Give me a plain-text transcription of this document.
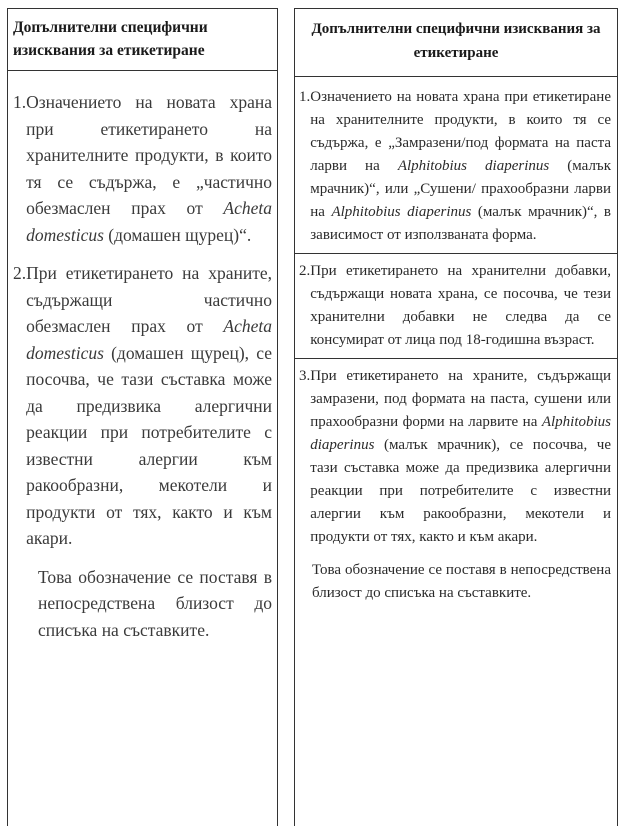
Допълнителни специфични изисквания за етикетиране
1. Означението на новата храна при етикетирането на хранителните продукти, в които тя се съдържа, е „частично обезмаслен прах от Acheta domesticus (домашен щурец)“.
2. При етикетирането на храните, съдържащи частично обезмаслен прах от Acheta domesticus (домашен щурец), се посочва, че тази съставка може да предизвика алергични реакции при потребителите с известни алергии към ракообразни, мекотели и продукти от тях, както и към акари.
Това обозначение се поставя в непосредствена близост до списъка на съставките.
Допълнителни специфични изисквания за етикетиране
1. Означението на новата храна при етикетиране на хранителните продукти, в които тя се съдържа, е „Замразени/под формата на паста ларви на Alphitobius diaperinus (малък мрачник)“, или „Сушени/ прахообразни ларви на Alphitobius diaperinus (малък мрачник)“, в зависимост от използваната форма.
2. При етикетирането на хранителни добавки, съдържащи новата храна, се посочва, че тези хранителни добавки не следва да се консумират от лица под 18-годишна възраст.
3. При етикетирането на храните, съдържащи замразени, под формата на паста, сушени или прахообразни форми на ларвите на Alphitobius diaperinus (малък мрачник), се посочва, че тази съставка може да предизвика алергични реакции при потребителите с известни алергии към ракообразни, мекотели и продукти от тях, както и към акари.
Това обозначение се поставя в непосредствена близост до списъка на съставките.
